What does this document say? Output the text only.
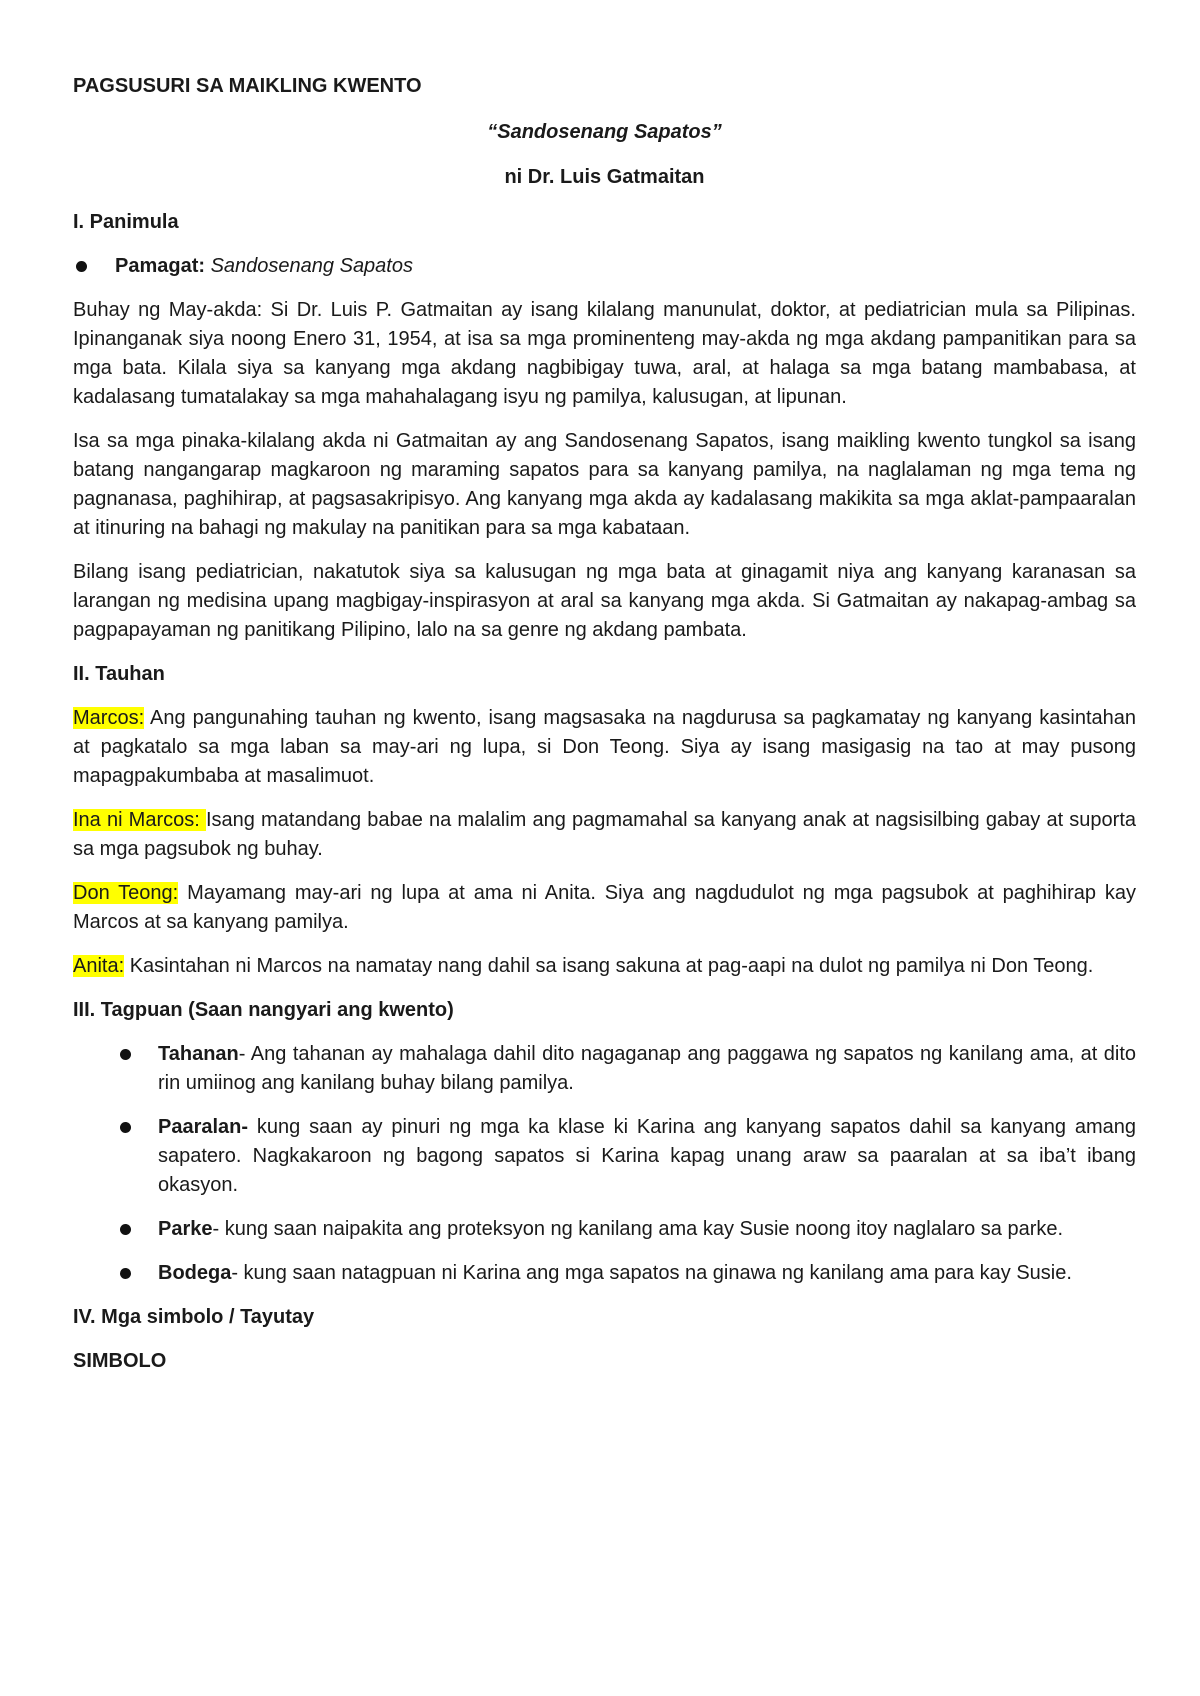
PAGSUSURI SA MAIKLING KWENTO
“Sandosenang Sapatos”
ni Dr. Luis Gatmaitan
I. Panimula
Pamagat: Sandosenang Sapatos

Buhay ng May-akda: Si Dr. Luis P. Gatmaitan ay isang kilalang manunulat, doktor, at pediatrician mula sa Pilipinas. Ipinanganak siya noong Enero 31, 1954, at isa sa mga prominenteng may-akda ng mga akdang pampanitikan para sa mga bata. Kilala siya sa kanyang mga akdang nagbibigay tuwa, aral, at halaga sa mga batang mambabasa, at kadalasang tumatalakay sa mga mahahalagang isyu ng pamilya, kalusugan, at lipunan.

Isa sa mga pinaka-kilalang akda ni Gatmaitan ay ang Sandosenang Sapatos, isang maikling kwento tungkol sa isang batang nangangarap magkaroon ng maraming sapatos para sa kanyang pamilya, na naglalaman ng mga tema ng pagnanasa, paghihirap, at pagsasakripisyo. Ang kanyang mga akda ay kadalasang makikita sa mga aklat-pampaaralan at itinuring na bahagi ng makulay na panitikan para sa mga kabataan.

Bilang isang pediatrician, nakatutok siya sa kalusugan ng mga bata at ginagamit niya ang kanyang karanasan sa larangan ng medisina upang magbigay-inspirasyon at aral sa kanyang mga akda. Si Gatmaitan ay nakapag-ambag sa pagpapayaman ng panitikang Pilipino, lalo na sa genre ng akdang pambata.

II. Tauhan

Marcos: Ang pangunahing tauhan ng kwento, isang magsasaka na nagdurusa sa pagkamatay ng kanyang kasintahan at pagkatalo sa mga laban sa may-ari ng lupa, si Don Teong. Siya ay isang masigasig na tao at may pusong mapagpakumbaba at masalimuot.

Ina ni Marcos: Isang matandang babae na malalim ang pagmamahal sa kanyang anak at nagsisilbing gabay at suporta sa mga pagsubok ng buhay.

Don Teong: Mayamang may-ari ng lupa at ama ni Anita. Siya ang nagdudulot ng mga pagsubok at paghihirap kay Marcos at sa kanyang pamilya.

Anita: Kasintahan ni Marcos na namatay nang dahil sa isang sakuna at pag-aapi na dulot ng pamilya ni Don Teong.

III. Tagpuan (Saan nangyari ang kwento)
Tahanan- Ang tahanan ay mahalaga dahil dito nagaganap ang paggawa ng sapatos ng kanilang ama, at dito rin umiinog ang kanilang buhay bilang pamilya.
Paaralan- kung saan ay pinuri ng mga ka klase ki Karina ang kanyang sapatos dahil sa kanyang amang sapatero. Nagkakaroon ng bagong sapatos si Karina kapag unang araw sa paaralan at sa iba’t ibang okasyon.
Parke- kung saan naipakita ang proteksyon ng kanilang ama kay Susie noong itoy naglalaro sa parke.
Bodega- kung saan natagpuan ni Karina ang mga sapatos na ginawa ng kanilang ama para kay Susie.
IV. Mga simbolo / Tayutay
SIMBOLO
